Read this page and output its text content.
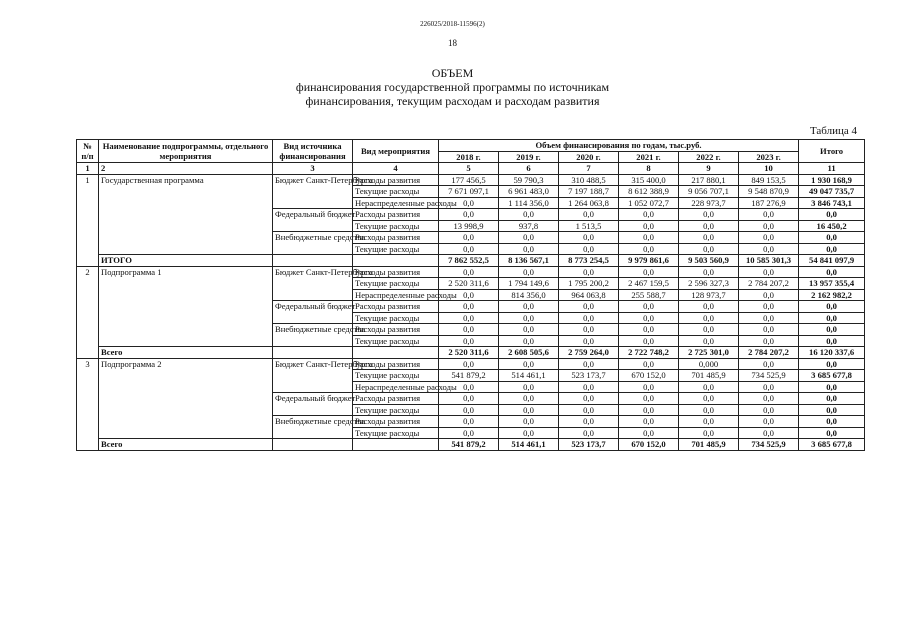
226025/2018-11596(2)
18
ОБЪЕМ
финансирования государственной программы по источникам
финансирования, текущим расходам и расходам развития
Таблица 4
№ п/п	Наименование подпрограммы, отдельного мероприятия	Вид источника финансирования	Вид мероприятия	Объем финансирования по годам, тыс.руб.						Итого
				2018 г.	2019 г.	2020 г.	2021 г.	2022 г.	2023 г.	
1	2	3	4	5	6	7	8	9	10	11
1	Государственная программа	Бюджет Санкт-Петербурга	Расходы развития	177 456,5	59 790,3	310 488,5	315 400,0	217 880,1	849 153,5	1 930 168,9
			Текущие расходы	7 671 097,1	6 961 483,0	7 197 188,7	8 612 388,9	9 056 707,1	9 548 870,9	49 047 735,7
			Нераспределенные расходы	0,0	1 114 356,0	1 264 063,8	1 052 072,7	228 973,7	187 276,9	3 846 743,1
		Федеральный бюджет	Расходы развития	0,0	0,0	0,0	0,0	0,0	0,0	0,0
			Текущие расходы	13 998,9	937,8	1 513,5	0,0	0,0	0,0	16 450,2
		Внебюджетные средства	Расходы развития	0,0	0,0	0,0	0,0	0,0	0,0	0,0
			Текущие расходы	0,0	0,0	0,0	0,0	0,0	0,0	0,0
	ИТОГО			7 862 552,5	8 136 567,1	8 773 254,5	9 979 861,6	9 503 560,9	10 585 301,3	54 841 097,9
2	Подпрограмма 1	Бюджет Санкт-Петербурга	Расходы развития	0,0	0,0	0,0	0,0	0,0	0,0	0,0
			Текущие расходы	2 520 311,6	1 794 149,6	1 795 200,2	2 467 159,5	2 596 327,3	2 784 207,2	13 957 355,4
			Нераспределенные расходы	0,0	814 356,0	964 063,8	255 588,7	128 973,7	0,0	2 162 982,2
		Федеральный бюджет	Расходы развития	0,0	0,0	0,0	0,0	0,0	0,0	0,0
			Текущие расходы	0,0	0,0	0,0	0,0	0,0	0,0	0,0
		Внебюджетные средства	Расходы развития	0,0	0,0	0,0	0,0	0,0	0,0	0,0
			Текущие расходы	0,0	0,0	0,0	0,0	0,0	0,0	0,0
	Всего			2 520 311,6	2 608 505,6	2 759 264,0	2 722 748,2	2 725 301,0	2 784 207,2	16 120 337,6
3	Подпрограмма 2	Бюджет Санкт-Петербурга	Расходы развития	0,0	0,0	0,0	0,0	0,000	0,0	0,0
			Текущие расходы	541 879,2	514 461,1	523 173,7	670 152,0	701 485,9	734 525,9	3 685 677,8
			Нераспределенные расходы	0,0	0,0	0,0	0,0	0,0	0,0	0,0
		Федеральный бюджет	Расходы развития	0,0	0,0	0,0	0,0	0,0	0,0	0,0
			Текущие расходы	0,0	0,0	0,0	0,0	0,0	0,0	0,0
		Внебюджетные средства	Расходы развития	0,0	0,0	0,0	0,0	0,0	0,0	0,0
			Текущие расходы	0,0	0,0	0,0	0,0	0,0	0,0	0,0
	Всего			541 879,2	514 461,1	523 173,7	670 152,0	701 485,9	734 525,9	3 685 677,8
